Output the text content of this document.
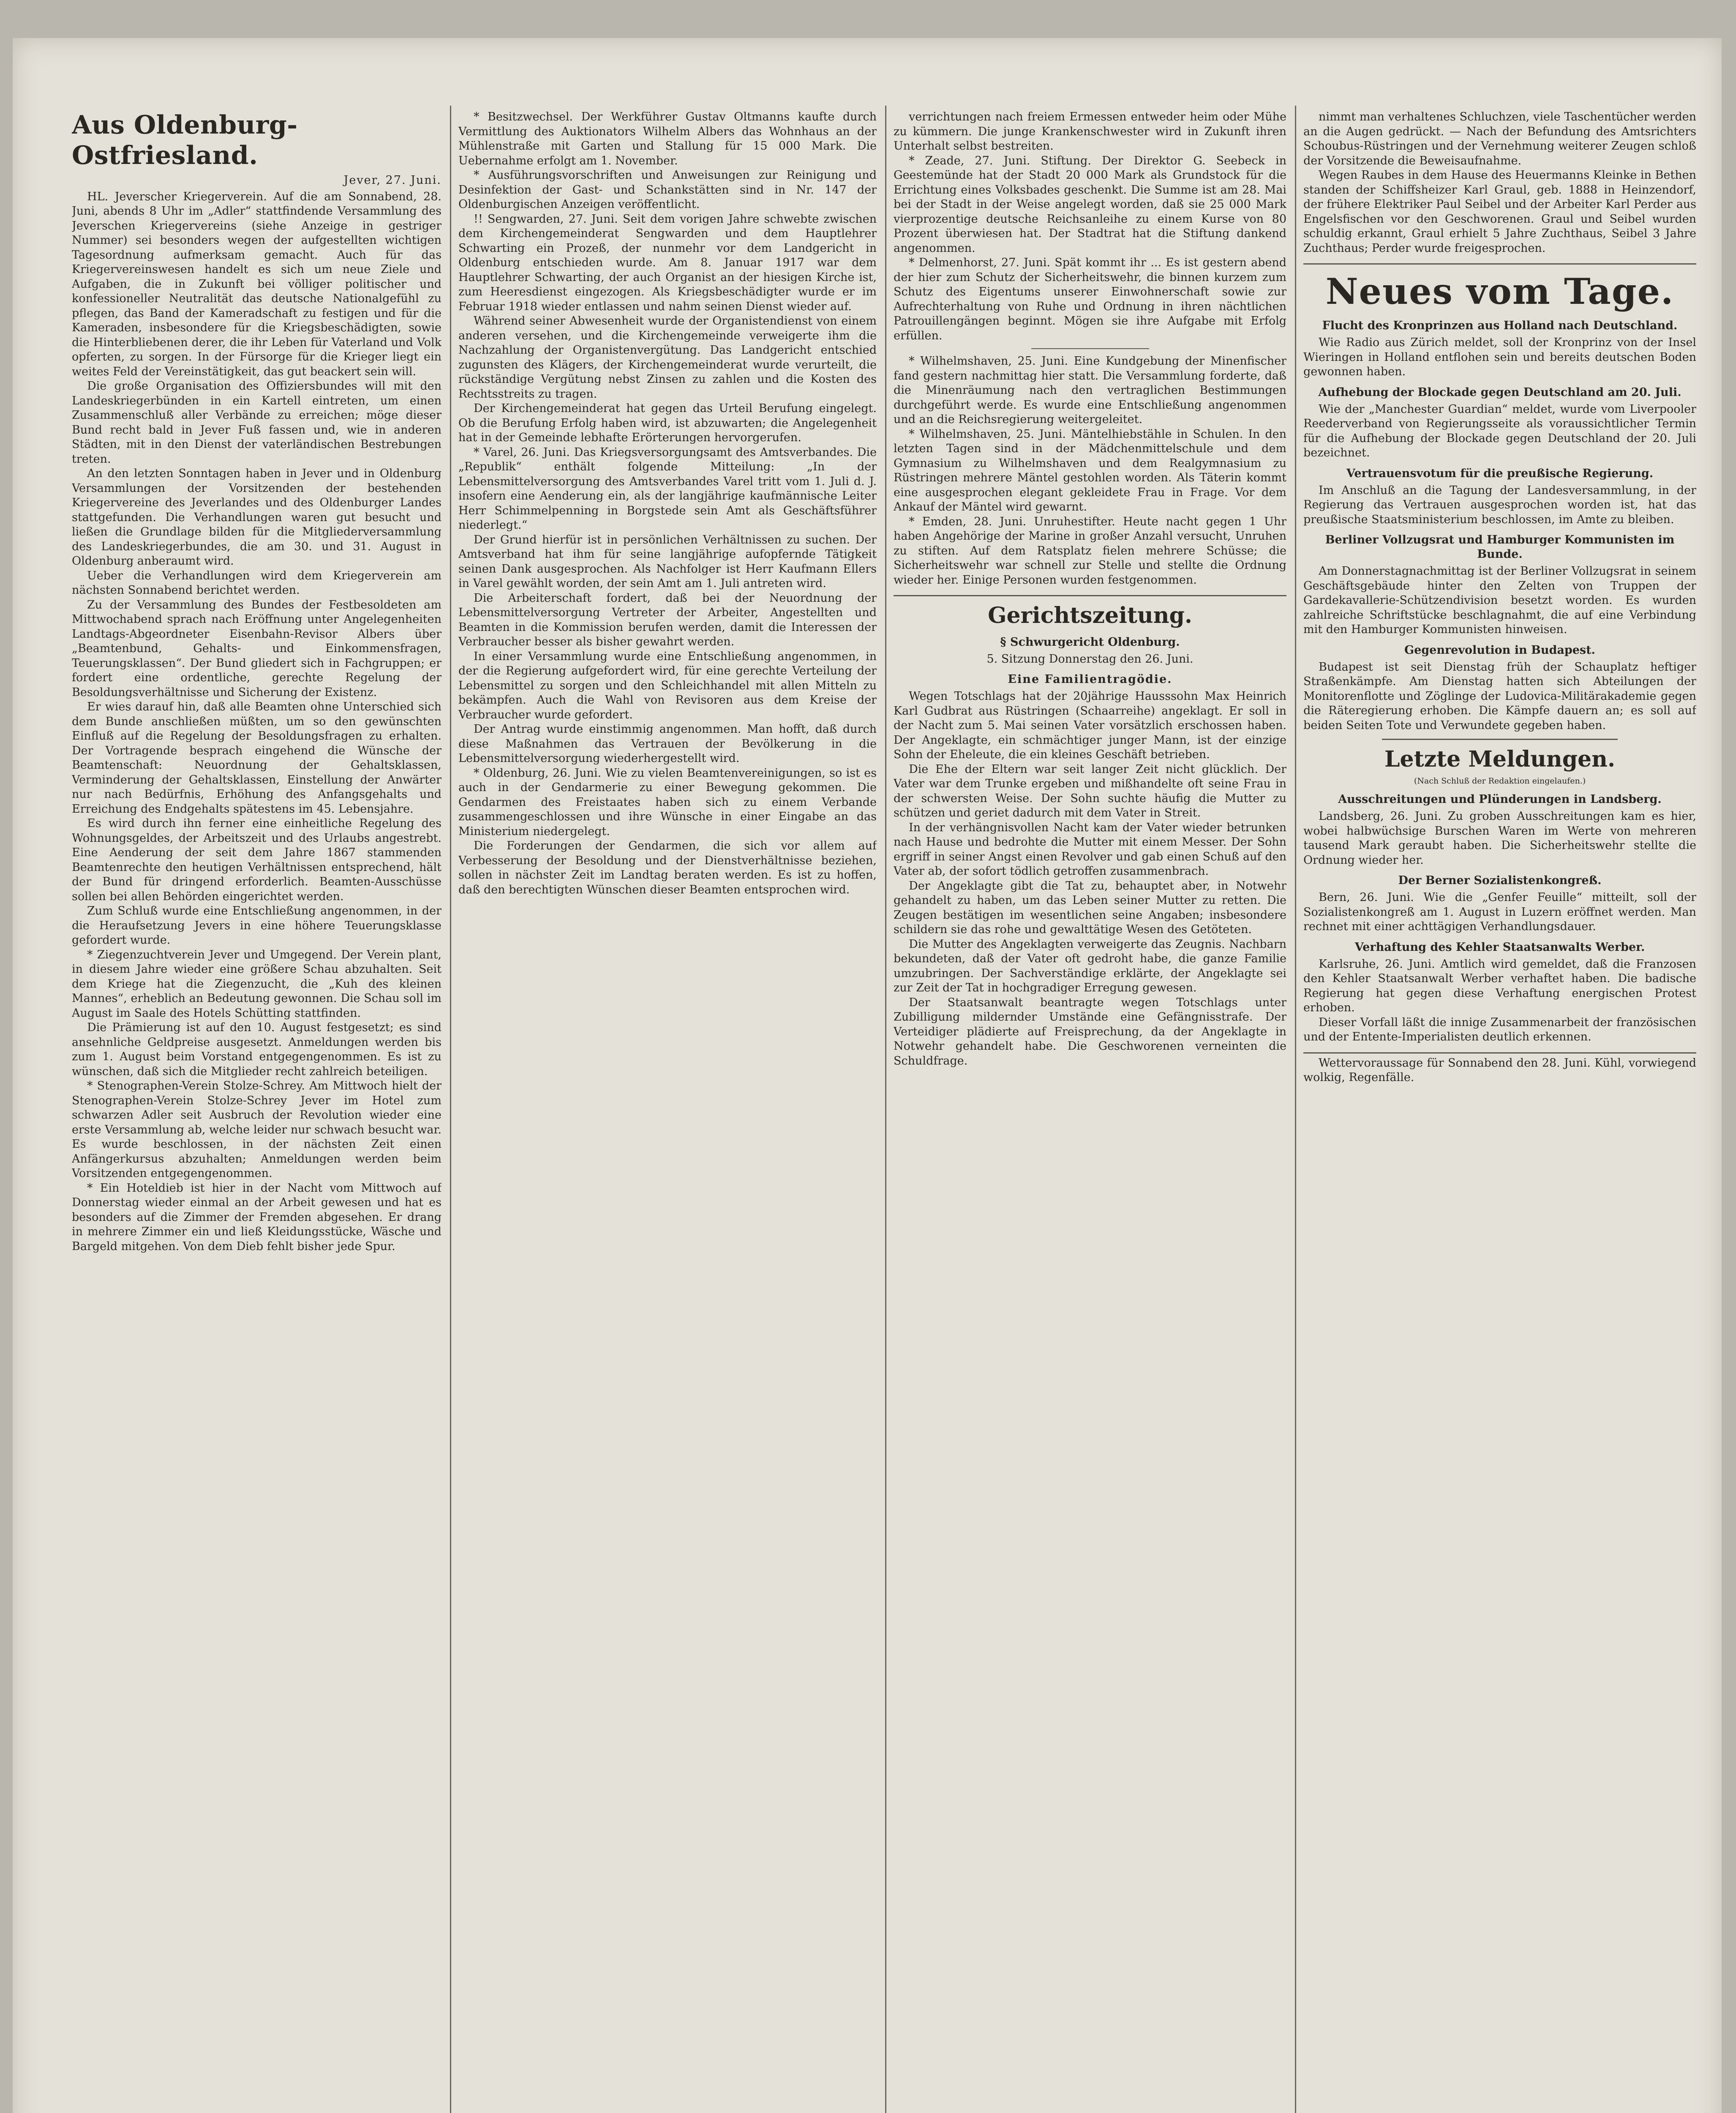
Aus Oldenburg-Ostfriesland.
Jever, 27. Juni.

HL. Jeverscher Kriegerverein. Auf die am Sonnabend, 28. Juni, abends 8 Uhr im „Adler“ stattfindende Versammlung des Jeverschen Kriegervereins (siehe Anzeige in gestriger Nummer) sei besonders wegen der aufgestellten wichtigen Tagesordnung aufmerksam gemacht. Auch für das Kriegervereinswesen handelt es sich um neue Ziele und Aufgaben, die in Zukunft bei völliger politischer und konfessioneller Neutralität das deutsche Nationalgefühl zu pflegen, das Band der Kameradschaft zu festigen und für die Kameraden, insbesondere für die Kriegsbeschädigten, sowie die Hinterbliebenen derer, die ihr Leben für Vaterland und Volk opferten, zu sorgen. In der Fürsorge für die Krieger liegt ein weites Feld der Vereinstätigkeit, das gut beackert sein will.

Die große Organisation des Offiziersbundes will mit den Landeskriegerbünden in ein Kartell eintreten, um einen Zusammenschluß aller Verbände zu erreichen; möge dieser Bund recht bald in Jever Fuß fassen und, wie in anderen Städten, mit in den Dienst der vaterländischen Bestrebungen treten.

An den letzten Sonntagen haben in Jever und in Oldenburg Versammlungen der Vorsitzenden der bestehenden Kriegervereine des Jeverlandes und des Oldenburger Landes stattgefunden. Die Verhandlungen waren gut besucht und ließen die Grundlage bilden für die Mitgliederversammlung des Landeskriegerbundes, die am 30. und 31. August in Oldenburg anberaumt wird.

Ueber die Verhandlungen wird dem Kriegerverein am nächsten Sonnabend berichtet werden.

Zu der Versammlung des Bundes der Festbesoldeten am Mittwochabend sprach nach Eröffnung unter Angelegenheiten Landtags-Abgeordneter Eisenbahn-Revisor Albers über „Beamtenbund, Gehalts- und Einkommensfragen, Teuerungsklassen“. Der Bund gliedert sich in Fachgruppen; er fordert eine ordentliche, gerechte Regelung der Besoldungsverhältnisse und Sicherung der Existenz.

Er wies darauf hin, daß alle Beamten ohne Unterschied sich dem Bunde anschließen müßten, um so den gewünschten Einfluß auf die Regelung der Besoldungsfragen zu erhalten. Der Vortragende besprach eingehend die Wünsche der Beamtenschaft: Neuordnung der Gehaltsklassen, Verminderung der Gehaltsklassen, Einstellung der Anwärter nur nach Bedürfnis, Erhöhung des Anfangsgehalts und Erreichung des Endgehalts spätestens im 45. Lebensjahre.

Es wird durch ihn ferner eine einheitliche Regelung des Wohnungsgeldes, der Arbeitszeit und des Urlaubs angestrebt. Eine Aenderung der seit dem Jahre 1867 stammenden Beamtenrechte den heutigen Verhältnissen entsprechend, hält der Bund für dringend erforderlich. Beamten-Ausschüsse sollen bei allen Behörden eingerichtet werden.

Zum Schluß wurde eine Entschließung angenommen, in der die Heraufsetzung Jevers in eine höhere Teuerungsklasse gefordert wurde.

* Ziegenzuchtverein Jever und Umgegend. Der Verein plant, in diesem Jahre wieder eine größere Schau abzuhalten. Seit dem Kriege hat die Ziegenzucht, die „Kuh des kleinen Mannes“, erheblich an Bedeutung gewonnen. Die Schau soll im August im Saale des Hotels Schütting stattfinden.

Die Prämierung ist auf den 10. August festgesetzt; es sind ansehnliche Geldpreise ausgesetzt. Anmeldungen werden bis zum 1. August beim Vorstand entgegengenommen. Es ist zu wünschen, daß sich die Mitglieder recht zahlreich beteiligen.

* Stenographen-Verein Stolze-Schrey. Am Mittwoch hielt der Stenographen-Verein Stolze-Schrey Jever im Hotel zum schwarzen Adler seit Ausbruch der Revolution wieder eine erste Versammlung ab, welche leider nur schwach besucht war. Es wurde beschlossen, in der nächsten Zeit einen Anfängerkursus abzuhalten; Anmeldungen werden beim Vorsitzenden entgegengenommen.

* Ein Hoteldieb ist hier in der Nacht vom Mittwoch auf Donnerstag wieder einmal an der Arbeit gewesen und hat es besonders auf die Zimmer der Fremden abgesehen. Er drang in mehrere Zimmer ein und ließ Kleidungsstücke, Wäsche und Bargeld mitgehen. Von dem Dieb fehlt bisher jede Spur.

* Besitzwechsel. Der Werkführer Gustav Oltmanns kaufte durch Vermittlung des Auktionators Wilhelm Albers das Wohnhaus an der Mühlenstraße mit Garten und Stallung für 15 000 Mark. Die Uebernahme erfolgt am 1. November.

* Ausführungsvorschriften und Anweisungen zur Reinigung und Desinfektion der Gast- und Schankstätten sind in Nr. 147 der Oldenburgischen Anzeigen veröffentlicht.

!! Sengwarden, 27. Juni. Seit dem vorigen Jahre schwebte zwischen dem Kirchengemeinderat Sengwarden und dem Hauptlehrer Schwarting ein Prozeß, der nunmehr vor dem Landgericht in Oldenburg entschieden wurde. Am 8. Januar 1917 war dem Hauptlehrer Schwarting, der auch Organist an der hiesigen Kirche ist, zum Heeresdienst eingezogen. Als Kriegsbeschädigter wurde er im Februar 1918 wieder entlassen und nahm seinen Dienst wieder auf.

Während seiner Abwesenheit wurde der Organistendienst von einem anderen versehen, und die Kirchengemeinde verweigerte ihm die Nachzahlung der Organistenvergütung. Das Landgericht entschied zugunsten des Klägers, der Kirchengemeinderat wurde verurteilt, die rückständige Vergütung nebst Zinsen zu zahlen und die Kosten des Rechtsstreits zu tragen.

Der Kirchengemeinderat hat gegen das Urteil Berufung eingelegt. Ob die Berufung Erfolg haben wird, ist abzuwarten; die Angelegenheit hat in der Gemeinde lebhafte Erörterungen hervorgerufen.

* Varel, 26. Juni. Das Kriegsversorgungsamt des Amtsverbandes. Die „Republik“ enthält folgende Mitteilung: „In der Lebensmittelversorgung des Amtsverbandes Varel tritt vom 1. Juli d. J. insofern eine Aenderung ein, als der langjährige kaufmännische Leiter Herr Schimmelpenning in Borgstede sein Amt als Geschäftsführer niederlegt.“

Der Grund hierfür ist in persönlichen Verhältnissen zu suchen. Der Amtsverband hat ihm für seine langjährige aufopfernde Tätigkeit seinen Dank ausgesprochen. Als Nachfolger ist Herr Kaufmann Ellers in Varel gewählt worden, der sein Amt am 1. Juli antreten wird.

Die Arbeiterschaft fordert, daß bei der Neuordnung der Lebensmittelversorgung Vertreter der Arbeiter, Angestellten und Beamten in die Kommission berufen werden, damit die Interessen der Verbraucher besser als bisher gewahrt werden.

In einer Versammlung wurde eine Entschließung angenommen, in der die Regierung aufgefordert wird, für eine gerechte Verteilung der Lebensmittel zu sorgen und den Schleichhandel mit allen Mitteln zu bekämpfen. Auch die Wahl von Revisoren aus dem Kreise der Verbraucher wurde gefordert.

Der Antrag wurde einstimmig angenommen. Man hofft, daß durch diese Maßnahmen das Vertrauen der Bevölkerung in die Lebensmittelversorgung wiederhergestellt wird.

* Oldenburg, 26. Juni. Wie zu vielen Beamtenvereinigungen, so ist es auch in der Gendarmerie zu einer Bewegung gekommen. Die Gendarmen des Freistaates haben sich zu einem Verbande zusammengeschlossen und ihre Wünsche in einer Eingabe an das Ministerium niedergelegt.

Die Forderungen der Gendarmen, die sich vor allem auf Verbesserung der Besoldung und der Dienstverhältnisse beziehen, sollen in nächster Zeit im Landtag beraten werden. Es ist zu hoffen, daß den berechtigten Wünschen dieser Beamten entsprochen wird.

verrichtungen nach freiem Ermessen entweder heim oder Mühe zu kümmern. Die junge Krankenschwester wird in Zukunft ihren Unterhalt selbst bestreiten.

* Zeade, 27. Juni. Stiftung. Der Direktor G. Seebeck in Geestemünde hat der Stadt 20 000 Mark als Grundstock für die Errichtung eines Volksbades geschenkt. Die Summe ist am 28. Mai bei der Stadt in der Weise angelegt worden, daß sie 25 000 Mark vierprozentige deutsche Reichsanleihe zu einem Kurse von 80 Prozent überwiesen hat. Der Stadtrat hat die Stiftung dankend angenommen.

* Delmenhorst, 27. Juni. Spät kommt ihr ... Es ist gestern abend der hier zum Schutz der Sicherheitswehr, die binnen kurzem zum Schutz des Eigentums unserer Einwohnerschaft sowie zur Aufrechterhaltung von Ruhe und Ordnung in ihren nächtlichen Patrouillengängen beginnt. Mögen sie ihre Aufgabe mit Erfolg erfüllen.

* Wilhelmshaven, 25. Juni. Eine Kundgebung der Minenfischer fand gestern nachmittag hier statt. Die Versammlung forderte, daß die Minenräumung nach den vertraglichen Bestimmungen durchgeführt werde. Es wurde eine Entschließung angenommen und an die Reichsregierung weitergeleitet.

* Wilhelmshaven, 25. Juni. Mäntelhiebstähle in Schulen. In den letzten Tagen sind in der Mädchenmittelschule und dem Gymnasium zu Wilhelmshaven und dem Realgymnasium zu Rüstringen mehrere Mäntel gestohlen worden. Als Täterin kommt eine ausgesprochen elegant gekleidete Frau in Frage. Vor dem Ankauf der Mäntel wird gewarnt.

* Emden, 28. Juni. Unruhestifter. Heute nacht gegen 1 Uhr haben Angehörige der Marine in großer Anzahl versucht, Unruhen zu stiften. Auf dem Ratsplatz fielen mehrere Schüsse; die Sicherheitswehr war schnell zur Stelle und stellte die Ordnung wieder her. Einige Personen wurden festgenommen.

Gerichtszeitung.
§ Schwurgericht Oldenburg.
5. Sitzung Donnerstag den 26. Juni.
Eine Familientragödie.

Wegen Totschlags hat der 20jährige Hausssohn Max Heinrich Karl Gudbrat aus Rüstringen (Schaarreihe) angeklagt. Er soll in der Nacht zum 5. Mai seinen Vater vorsätzlich erschossen haben. Der Angeklagte, ein schmächtiger junger Mann, ist der einzige Sohn der Eheleute, die ein kleines Geschäft betrieben.

Die Ehe der Eltern war seit langer Zeit nicht glücklich. Der Vater war dem Trunke ergeben und mißhandelte oft seine Frau in der schwersten Weise. Der Sohn suchte häufig die Mutter zu schützen und geriet dadurch mit dem Vater in Streit.

In der verhängnisvollen Nacht kam der Vater wieder betrunken nach Hause und bedrohte die Mutter mit einem Messer. Der Sohn ergriff in seiner Angst einen Revolver und gab einen Schuß auf den Vater ab, der sofort tödlich getroffen zusammenbrach.

Der Angeklagte gibt die Tat zu, behauptet aber, in Notwehr gehandelt zu haben, um das Leben seiner Mutter zu retten. Die Zeugen bestätigen im wesentlichen seine Angaben; insbesondere schildern sie das rohe und gewalttätige Wesen des Getöteten.

Die Mutter des Angeklagten verweigerte das Zeugnis. Nachbarn bekundeten, daß der Vater oft gedroht habe, die ganze Familie umzubringen. Der Sachverständige erklärte, der Angeklagte sei zur Zeit der Tat in hochgradiger Erregung gewesen.

Der Staatsanwalt beantragte wegen Totschlags unter Zubilligung mildernder Umstände eine Gefängnisstrafe. Der Verteidiger plädierte auf Freisprechung, da der Angeklagte in Notwehr gehandelt habe. Die Geschworenen verneinten die Schuldfrage.

nimmt man verhaltenes Schluchzen, viele Taschentücher werden an die Augen gedrückt. — Nach der Befundung des Amtsrichters Schoubus-Rüstringen und der Vernehmung weiterer Zeugen schloß der Vorsitzende die Beweisaufnahme.

Wegen Raubes in dem Hause des Heuermanns Kleinke in Bethen standen der Schiffsheizer Karl Graul, geb. 1888 in Heinzendorf, der frühere Elektriker Paul Seibel und der Arbeiter Karl Perder aus Engelsfischen vor den Geschworenen. Graul und Seibel wurden schuldig erkannt, Graul erhielt 5 Jahre Zuchthaus, Seibel 3 Jahre Zuchthaus; Perder wurde freigesprochen.

Neues vom Tage.
Flucht des Kronprinzen aus Holland nach Deutschland.

Wie Radio aus Zürich meldet, soll der Kronprinz von der Insel Wieringen in Holland entflohen sein und bereits deutschen Boden gewonnen haben.

Aufhebung der Blockade gegen Deutschland am 20. Juli.

Wie der „Manchester Guardian“ meldet, wurde vom Liverpooler Reederverband von Regierungsseite als voraussichtlicher Termin für die Aufhebung der Blockade gegen Deutschland der 20. Juli bezeichnet.

Vertrauensvotum für die preußische Regierung.

Im Anschluß an die Tagung der Landesversammlung, in der Regierung das Vertrauen ausgesprochen worden ist, hat das preußische Staatsministerium beschlossen, im Amte zu bleiben.

Berliner Vollzugsrat und Hamburger Kommunisten im Bunde.

Am Donnerstagnachmittag ist der Berliner Vollzugsrat in seinem Geschäftsgebäude hinter den Zelten von Truppen der Gardekavallerie-Schützendivision besetzt worden. Es wurden zahlreiche Schriftstücke beschlagnahmt, die auf eine Verbindung mit den Hamburger Kommunisten hinweisen.

Gegenrevolution in Budapest.

Budapest ist seit Dienstag früh der Schauplatz heftiger Straßenkämpfe. Am Dienstag hatten sich Abteilungen der Monitorenflotte und Zöglinge der Ludovica-Militärakademie gegen die Räteregierung erhoben. Die Kämpfe dauern an; es soll auf beiden Seiten Tote und Verwundete gegeben haben.

Letzte Meldungen.
(Nach Schluß der Redaktion eingelaufen.)
Ausschreitungen und Plünderungen in Landsberg.

Landsberg, 26. Juni. Zu groben Ausschreitungen kam es hier, wobei halbwüchsige Burschen Waren im Werte von mehreren tausend Mark geraubt haben. Die Sicherheitswehr stellte die Ordnung wieder her.

Der Berner Sozialistenkongreß.

Bern, 26. Juni. Wie die „Genfer Feuille“ mitteilt, soll der Sozialistenkongreß am 1. August in Luzern eröffnet werden. Man rechnet mit einer achttägigen Verhandlungsdauer.

Verhaftung des Kehler Staatsanwalts Werber.

Karlsruhe, 26. Juni. Amtlich wird gemeldet, daß die Franzosen den Kehler Staatsanwalt Werber verhaftet haben. Die badische Regierung hat gegen diese Verhaftung energischen Protest erhoben.

Dieser Vorfall läßt die innige Zusammenarbeit der französischen und der Entente-Imperialisten deutlich erkennen.

Wettervoraussage für Sonnabend den 28. Juni. Kühl, vorwiegend wolkig, Regenfälle.
